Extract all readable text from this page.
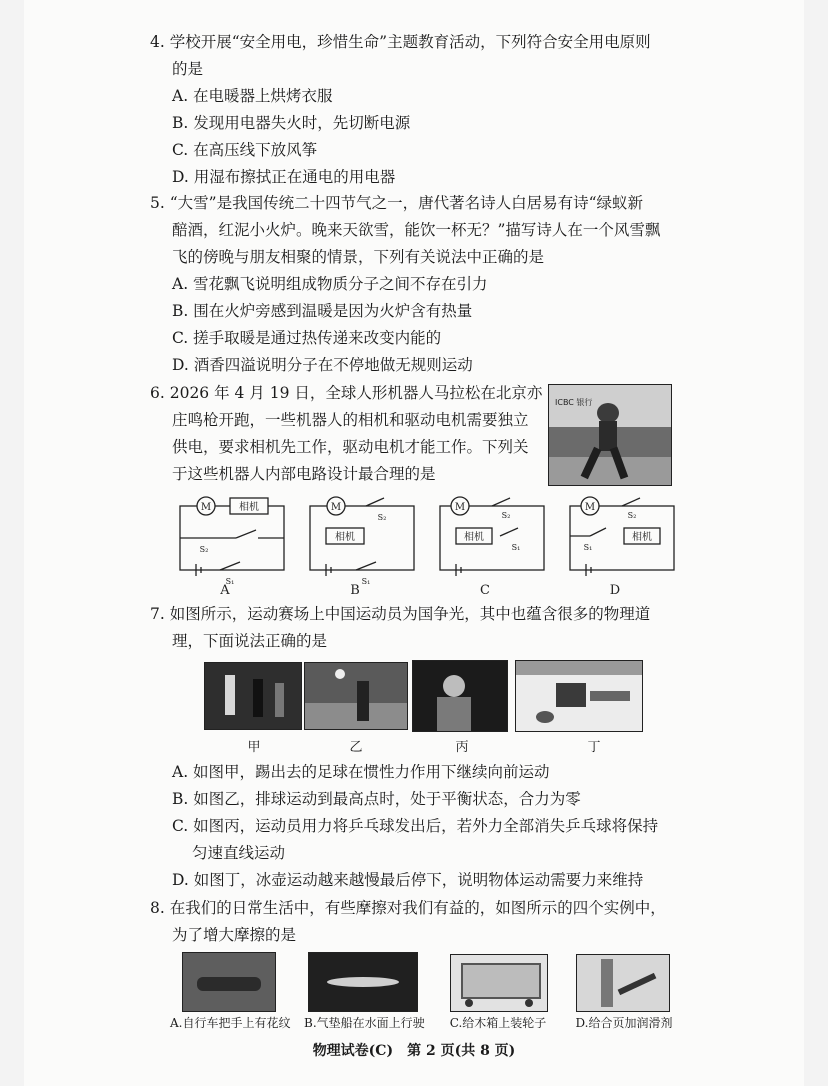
4. 学校开展“安全用电，珍惜生命”主题教育活动，下列符合安全用电原则
的是
A. 在电暖器上烘烤衣服
B. 发现用电器失火时，先切断电源
C. 在高压线下放风筝
D. 用湿布擦拭正在通电的用电器
5. “大雪”是我国传统二十四节气之一，唐代著名诗人白居易有诗“绿蚁新
醅酒，红泥小火炉。晚来天欲雪，能饮一杯无？”描写诗人在一个风雪飘
飞的傍晚与朋友相聚的情景，下列有关说法中正确的是
A. 雪花飘飞说明组成物质分子之间不存在引力
B. 围在火炉旁感到温暖是因为火炉含有热量
C. 搓手取暖是通过热传递来改变内能的
D. 酒香四溢说明分子在不停地做无规则运动
6. 2026 年 4 月 19 日，全球人形机器人马拉松在北京亦
庄鸣枪开跑，一些机器人的相机和驱动电机需要独立
供电，要求相机先工作，驱动电机才能工作。下列关
于这些机器人内部电路设计最合理的是
ICBC 银行
M	相机
S₂
S₁
M
相机
S₂
S₁
M
相机
S₂
S₁
M
相机
S₂
S₁
A	B	C	D
7. 如图所示，运动赛场上中国运动员为国争光，其中也蕴含很多的物理道
理，下面说法正确的是
甲	乙	丙	丁
A. 如图甲，踢出去的足球在惯性力作用下继续向前运动
B. 如图乙，排球运动到最高点时，处于平衡状态，合力为零
C. 如图丙，运动员用力将乒乓球发出后，若外力全部消失乒乓球将保持
匀速直线运动
D. 如图丁，冰壶运动越来越慢最后停下，说明物体运动需要力来维持
8. 在我们的日常生活中，有些摩擦对我们有益的，如图所示的四个实例中，
为了增大摩擦的是
A.自行车把手上有花纹 B.气垫船在水面上行驶	C.给木箱上装轮子	D.给合页加润滑剂
物理试卷(C)　第 2 页(共 8 页)
